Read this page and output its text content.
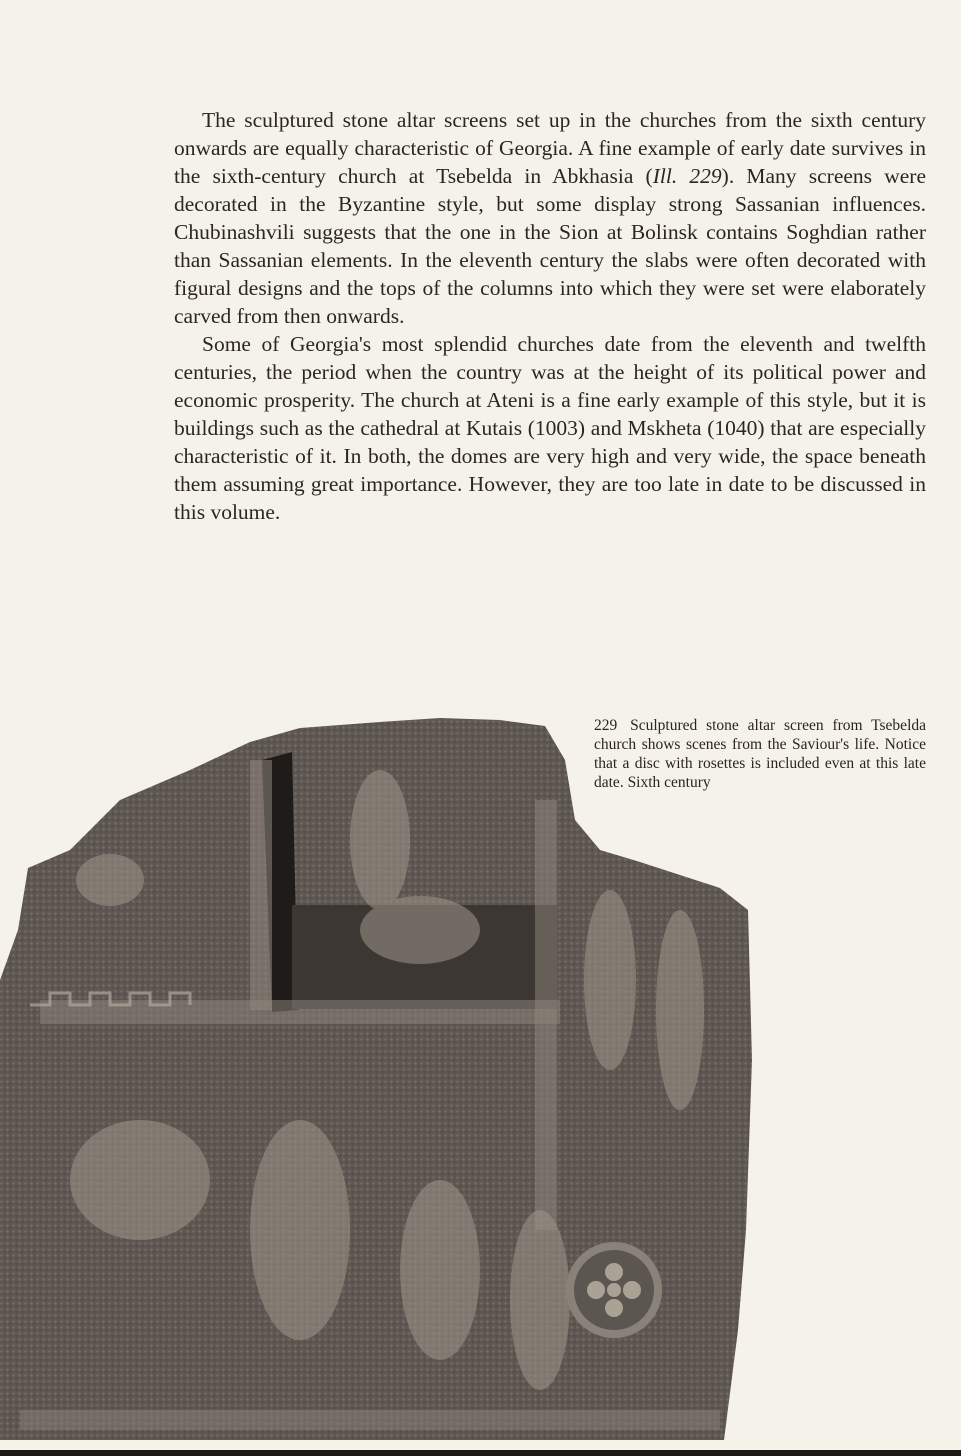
The sculptured stone altar screens set up in the churches from the sixth century onwards are equally characteristic of Georgia. A fine example of early date survives in the sixth-century church at Tsebelda in Abkhasia (Ill. 229). Many screens were decorated in the Byzantine style, but some display strong Sassanian influences. Chubinashvili suggests that the one in the Sion at Bolinsk contains Soghdian rather than Sassanian elements. In the eleventh century the slabs were often decorated with figural designs and the tops of the columns into which they were set were elaborately carved from then onwards.

Some of Georgia's most splendid churches date from the eleventh and twelfth centuries, the period when the country was at the height of its political power and economic prosperity. The church at Ateni is a fine early example of this style, but it is buildings such as the cathedral at Kutais (1003) and Mskheta (1040) that are especially characteristic of it. In both, the domes are very high and very wide, the space beneath them assuming great importance. However, they are too late in date to be discussed in this volume.

229 Sculptured stone altar screen from Tsebelda church shows scenes from the Saviour's life. Notice that a disc with rosettes is included even at this late date. Sixth century
